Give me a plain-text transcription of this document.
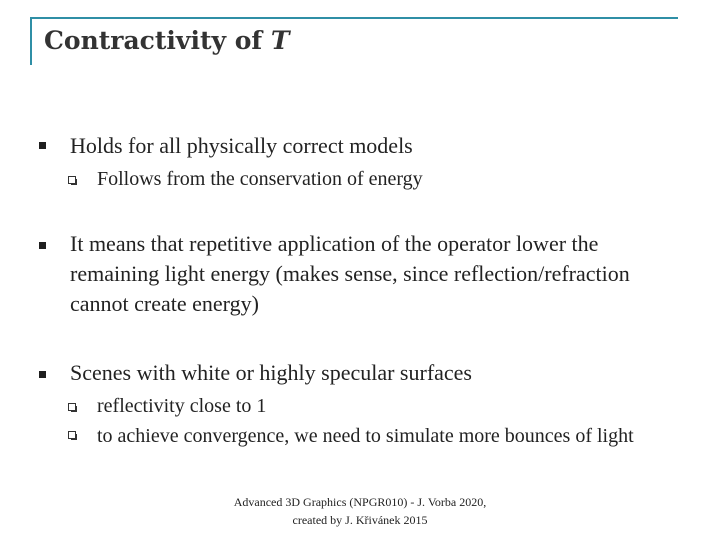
Contractivity of T
Holds for all physically correct models
Follows from the conservation of energy
It means that repetitive application of the operator lower the remaining light energy (makes sense, since reflection/refraction cannot create energy)
Scenes with white or highly specular surfaces
reflectivity close to 1
to achieve convergence, we need to simulate more bounces of light
Advanced 3D Graphics (NPGR010) - J. Vorba 2020,
created by J. Křivánek 2015
